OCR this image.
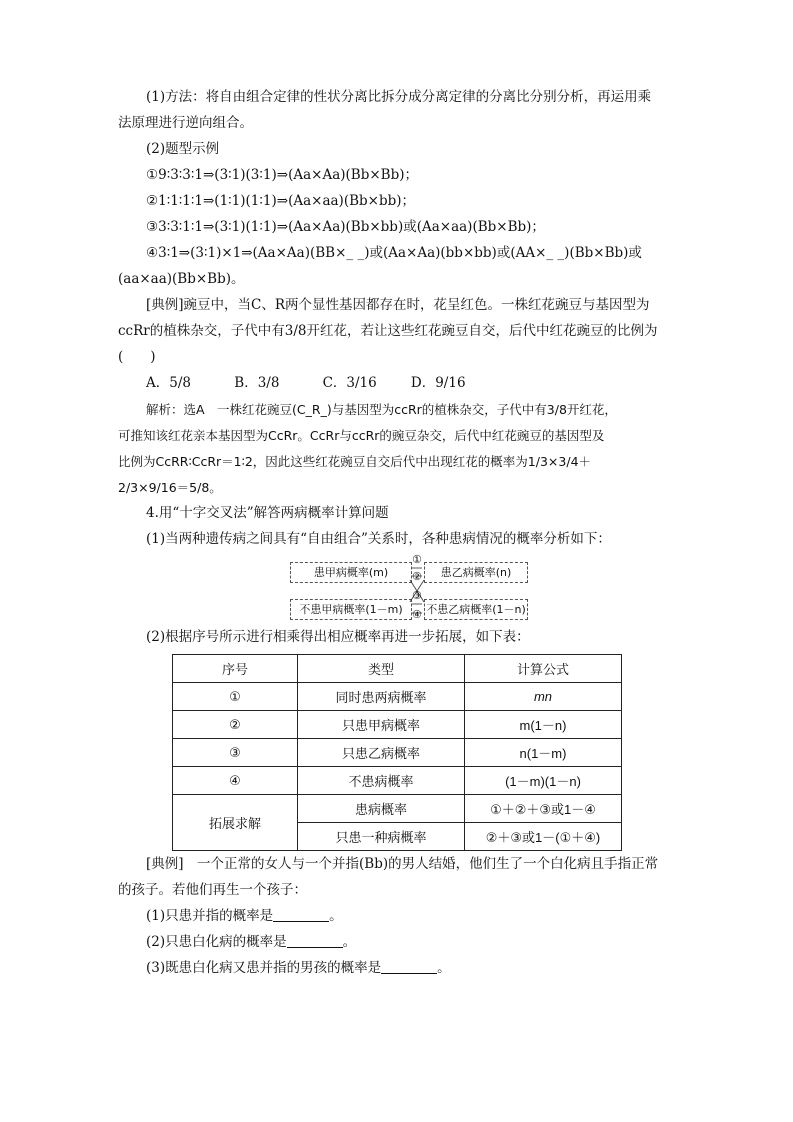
(1)方法：将自由组合定律的性状分离比拆分成分离定律的分离比分别分析，再运用乘
法原理进行逆向组合。
(2)题型示例
①9∶3∶3∶1⇒(3∶1)(3∶1)⇒(Aa×Aa)(Bb×Bb)；
②1∶1∶1∶1⇒(1∶1)(1∶1)⇒(Aa×aa)(Bb×bb)；
③3∶3∶1∶1⇒(3∶1)(1∶1)⇒(Aa×Aa)(Bb×bb)或(Aa×aa)(Bb×Bb)；
④3∶1⇒(3∶1)×1⇒(Aa×Aa)(BB×_ _)或(Aa×Aa)(bb×bb)或(AA×_ _)(Bb×Bb)或
(aa×aa)(Bb×Bb)。
[典例]豌豆中，当C、R两个显性基因都存在时，花呈红色。一株红花豌豆与基因型为
ccRr的植株杂交，子代中有3/8开红花，若让这些红花豌豆自交，后代中红花豌豆的比例为
(　　)
A．5/8	B．3/8	C．3/16	D．9/16
解析：选A　一株红花豌豆(C_R_)与基因型为ccRr的植株杂交，子代中有3/8开红花，
可推知该红花亲本基因型为CcRr。CcRr与ccRr的豌豆杂交，后代中红花豌豆的基因型及
比例为CcRR∶CcRr＝1∶2，因此这些红花豌豆自交后代中出现红花的概率为1/3×3/4＋
2/3×9/16＝5/8。
4.用“十字交叉法”解答两病概率计算问题
(1)当两种遗传病之间具有“自由组合”关系时，各种患病情况的概率分析如下：
患甲病概率(m)	患乙病概率(n)
不患甲病概率(1－m)	不患乙病概率(1－n)
①
②
③
④
(2)根据序号所示进行相乘得出相应概率再进一步拓展，如下表：
序号	类型	计算公式
①	同时患两病概率	mn
②	只患甲病概率	m(1－n)
③	只患乙病概率	n(1－m)
④	不患病概率	(1－m)(1－n)
拓展求解	患病概率	①＋②＋③或1－④
	只患一种病概率	②＋③或1－(①＋④)
[典例]　一个正常的女人与一个并指(Bb)的男人结婚，他们生了一个白化病且手指正常
的孩子。若他们再生一个孩子：
(1)只患并指的概率是	。
(2)只患白化病的概率是	。
(3)既患白化病又患并指的男孩的概率是	。
